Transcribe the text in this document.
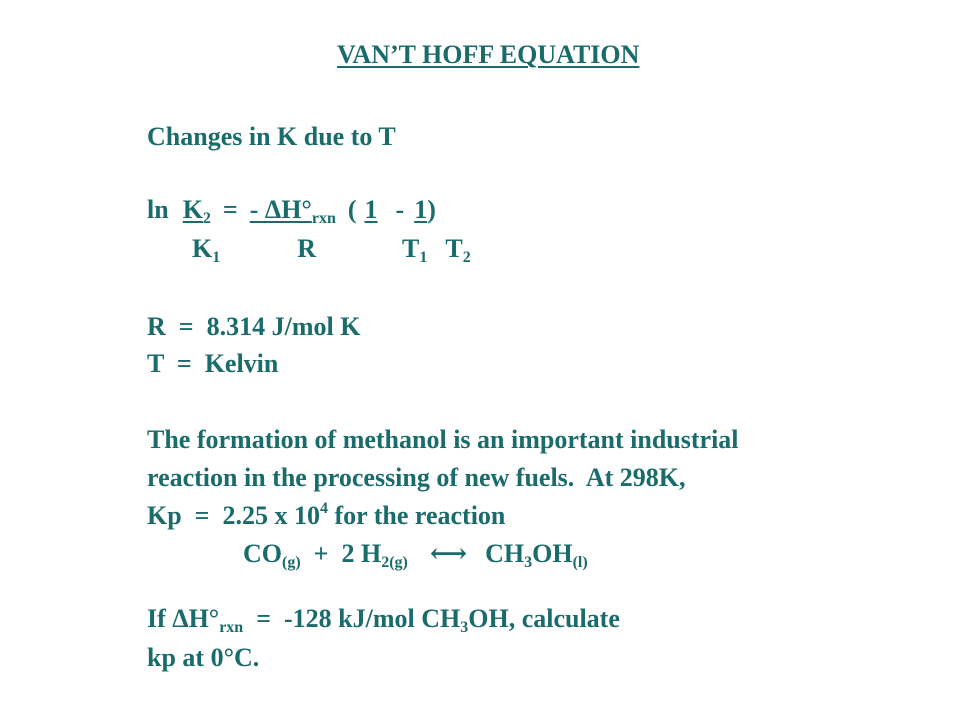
VAN’T HOFF EQUATION
Changes in K due to T
$\ln K_2$ = - $\Delta H^\circ_{rxn}$ ( 1 - 1)
$K_1$	R	$T_1$ $T_2$
R  =  8.314 J/mol K
T  =  Kelvin
The formation of methanol is an important industrial
reaction in the processing of new fuels.  At 298K,
Kp  =  2.25 x $10^4$ for the reaction
$CO_{(g)} + 2$ $H_{2(g)}$ ⟷ $CH_3OH_{(l)}$
If $\Delta H^\circ_{rxn} = -128$ kJ/mol $CH_3OH$, calculate
kp at 0°C.
